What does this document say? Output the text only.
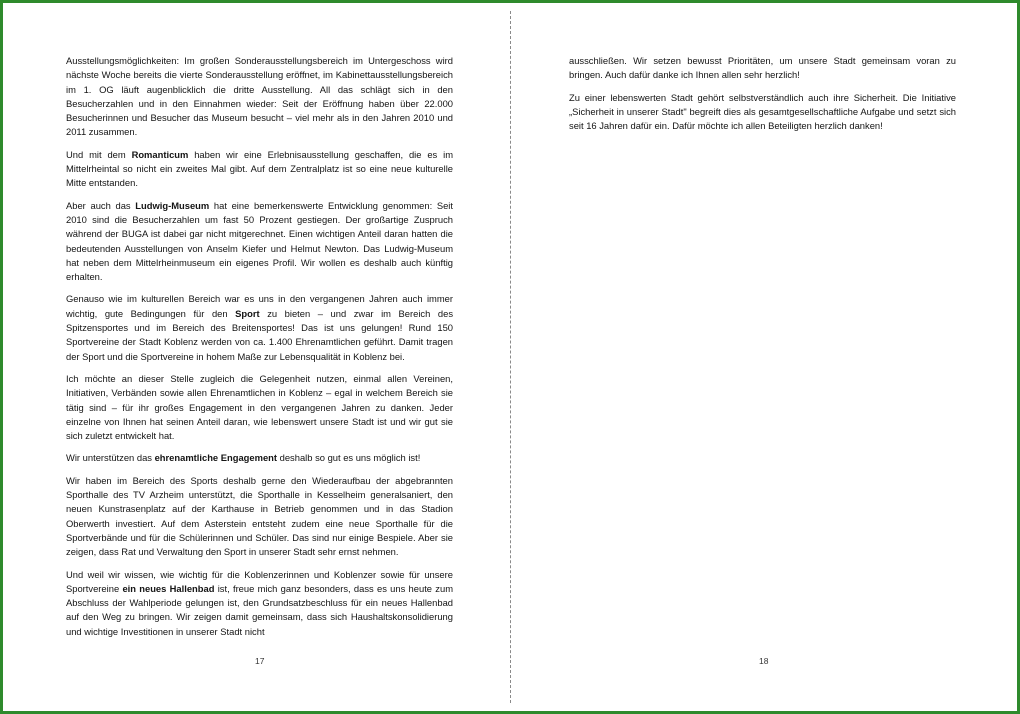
Ausstellungsmöglichkeiten: Im großen Sonderausstellungsbereich im Untergeschoss wird nächste Woche bereits die vierte Sonderausstellung eröffnet, im Kabinettausstellungsbereich im 1. OG läuft augenblicklich die dritte Ausstellung. All das schlägt sich in den Besucherzahlen und in den Einnahmen wieder: Seit der Eröffnung haben über 22.000 Besucherinnen und Besucher das Museum besucht – viel mehr als in den Jahren 2010 und 2011 zusammen.

Und mit dem Romanticum haben wir eine Erlebnisausstellung geschaffen, die es im Mittelrheintal so nicht ein zweites Mal gibt. Auf dem Zentralplatz ist so eine neue kulturelle Mitte entstanden.

Aber auch das Ludwig-Museum hat eine bemerkenswerte Entwicklung genommen: Seit 2010 sind die Besucherzahlen um fast 50 Prozent gestiegen. Der großartige Zuspruch während der BUGA ist dabei gar nicht mitgerechnet. Einen wichtigen Anteil daran hatten die bedeutenden Ausstellungen von Anselm Kiefer und Helmut Newton. Das Ludwig-Museum hat neben dem Mittelrheinmuseum ein eigenes Profil. Wir wollen es deshalb auch künftig erhalten.

Genauso wie im kulturellen Bereich war es uns in den vergangenen Jahren auch immer wichtig, gute Bedingungen für den Sport zu bieten – und zwar im Bereich des Spitzensportes und im Bereich des Breitensportes! Das ist uns gelungen! Rund 150 Sportvereine der Stadt Koblenz werden von ca. 1.400 Ehrenamtlichen geführt. Damit tragen der Sport und die Sportvereine in hohem Maße zur Lebensqualität in Koblenz bei.

Ich möchte an dieser Stelle zugleich die Gelegenheit nutzen, einmal allen Vereinen, Initiativen, Verbänden sowie allen Ehrenamtlichen in Koblenz – egal in welchem Bereich sie tätig sind – für ihr großes Engagement in den vergangenen Jahren zu danken. Jeder einzelne von Ihnen hat seinen Anteil daran, wie lebenswert unsere Stadt ist und wir gut sie sich zuletzt entwickelt hat.

Wir unterstützen das ehrenamtliche Engagement deshalb so gut es uns möglich ist!

Wir haben im Bereich des Sports deshalb gerne den Wiederaufbau der abgebrannten Sporthalle des TV Arzheim unterstützt, die Sporthalle in Kesselheim generalsaniert, den neuen Kunstrasenplatz auf der Karthause in Betrieb genommen und in das Stadion Oberwerth investiert. Auf dem Asterstein entsteht zudem eine neue Sporthalle für die Sportverbände und für die Schülerinnen und Schüler. Das sind nur einige Bespiele. Aber sie zeigen, dass Rat und Verwaltung den Sport in unserer Stadt sehr ernst nehmen.

Und weil wir wissen, wie wichtig für die Koblenzerinnen und Koblenzer sowie für unsere Sportvereine ein neues Hallenbad ist, freue mich ganz besonders, dass es uns heute zum Abschluss der Wahlperiode gelungen ist, den Grundsatzbeschluss für ein neues Hallenbad auf den Weg zu bringen. Wir zeigen damit gemeinsam, dass sich Haushaltskonsolidierung und wichtige Investitionen in unserer Stadt nicht

17

ausschließen. Wir setzen bewusst Prioritäten, um unsere Stadt gemeinsam voran zu bringen. Auch dafür danke ich Ihnen allen sehr herzlich!

Zu einer lebenswerten Stadt gehört selbstverständlich auch ihre Sicherheit. Die Initiative „Sicherheit in unserer Stadt" begreift dies als gesamtgesellschaftliche Aufgabe und setzt sich seit 16 Jahren dafür ein. Dafür möchte ich allen Beteiligten herzlich danken!

18
